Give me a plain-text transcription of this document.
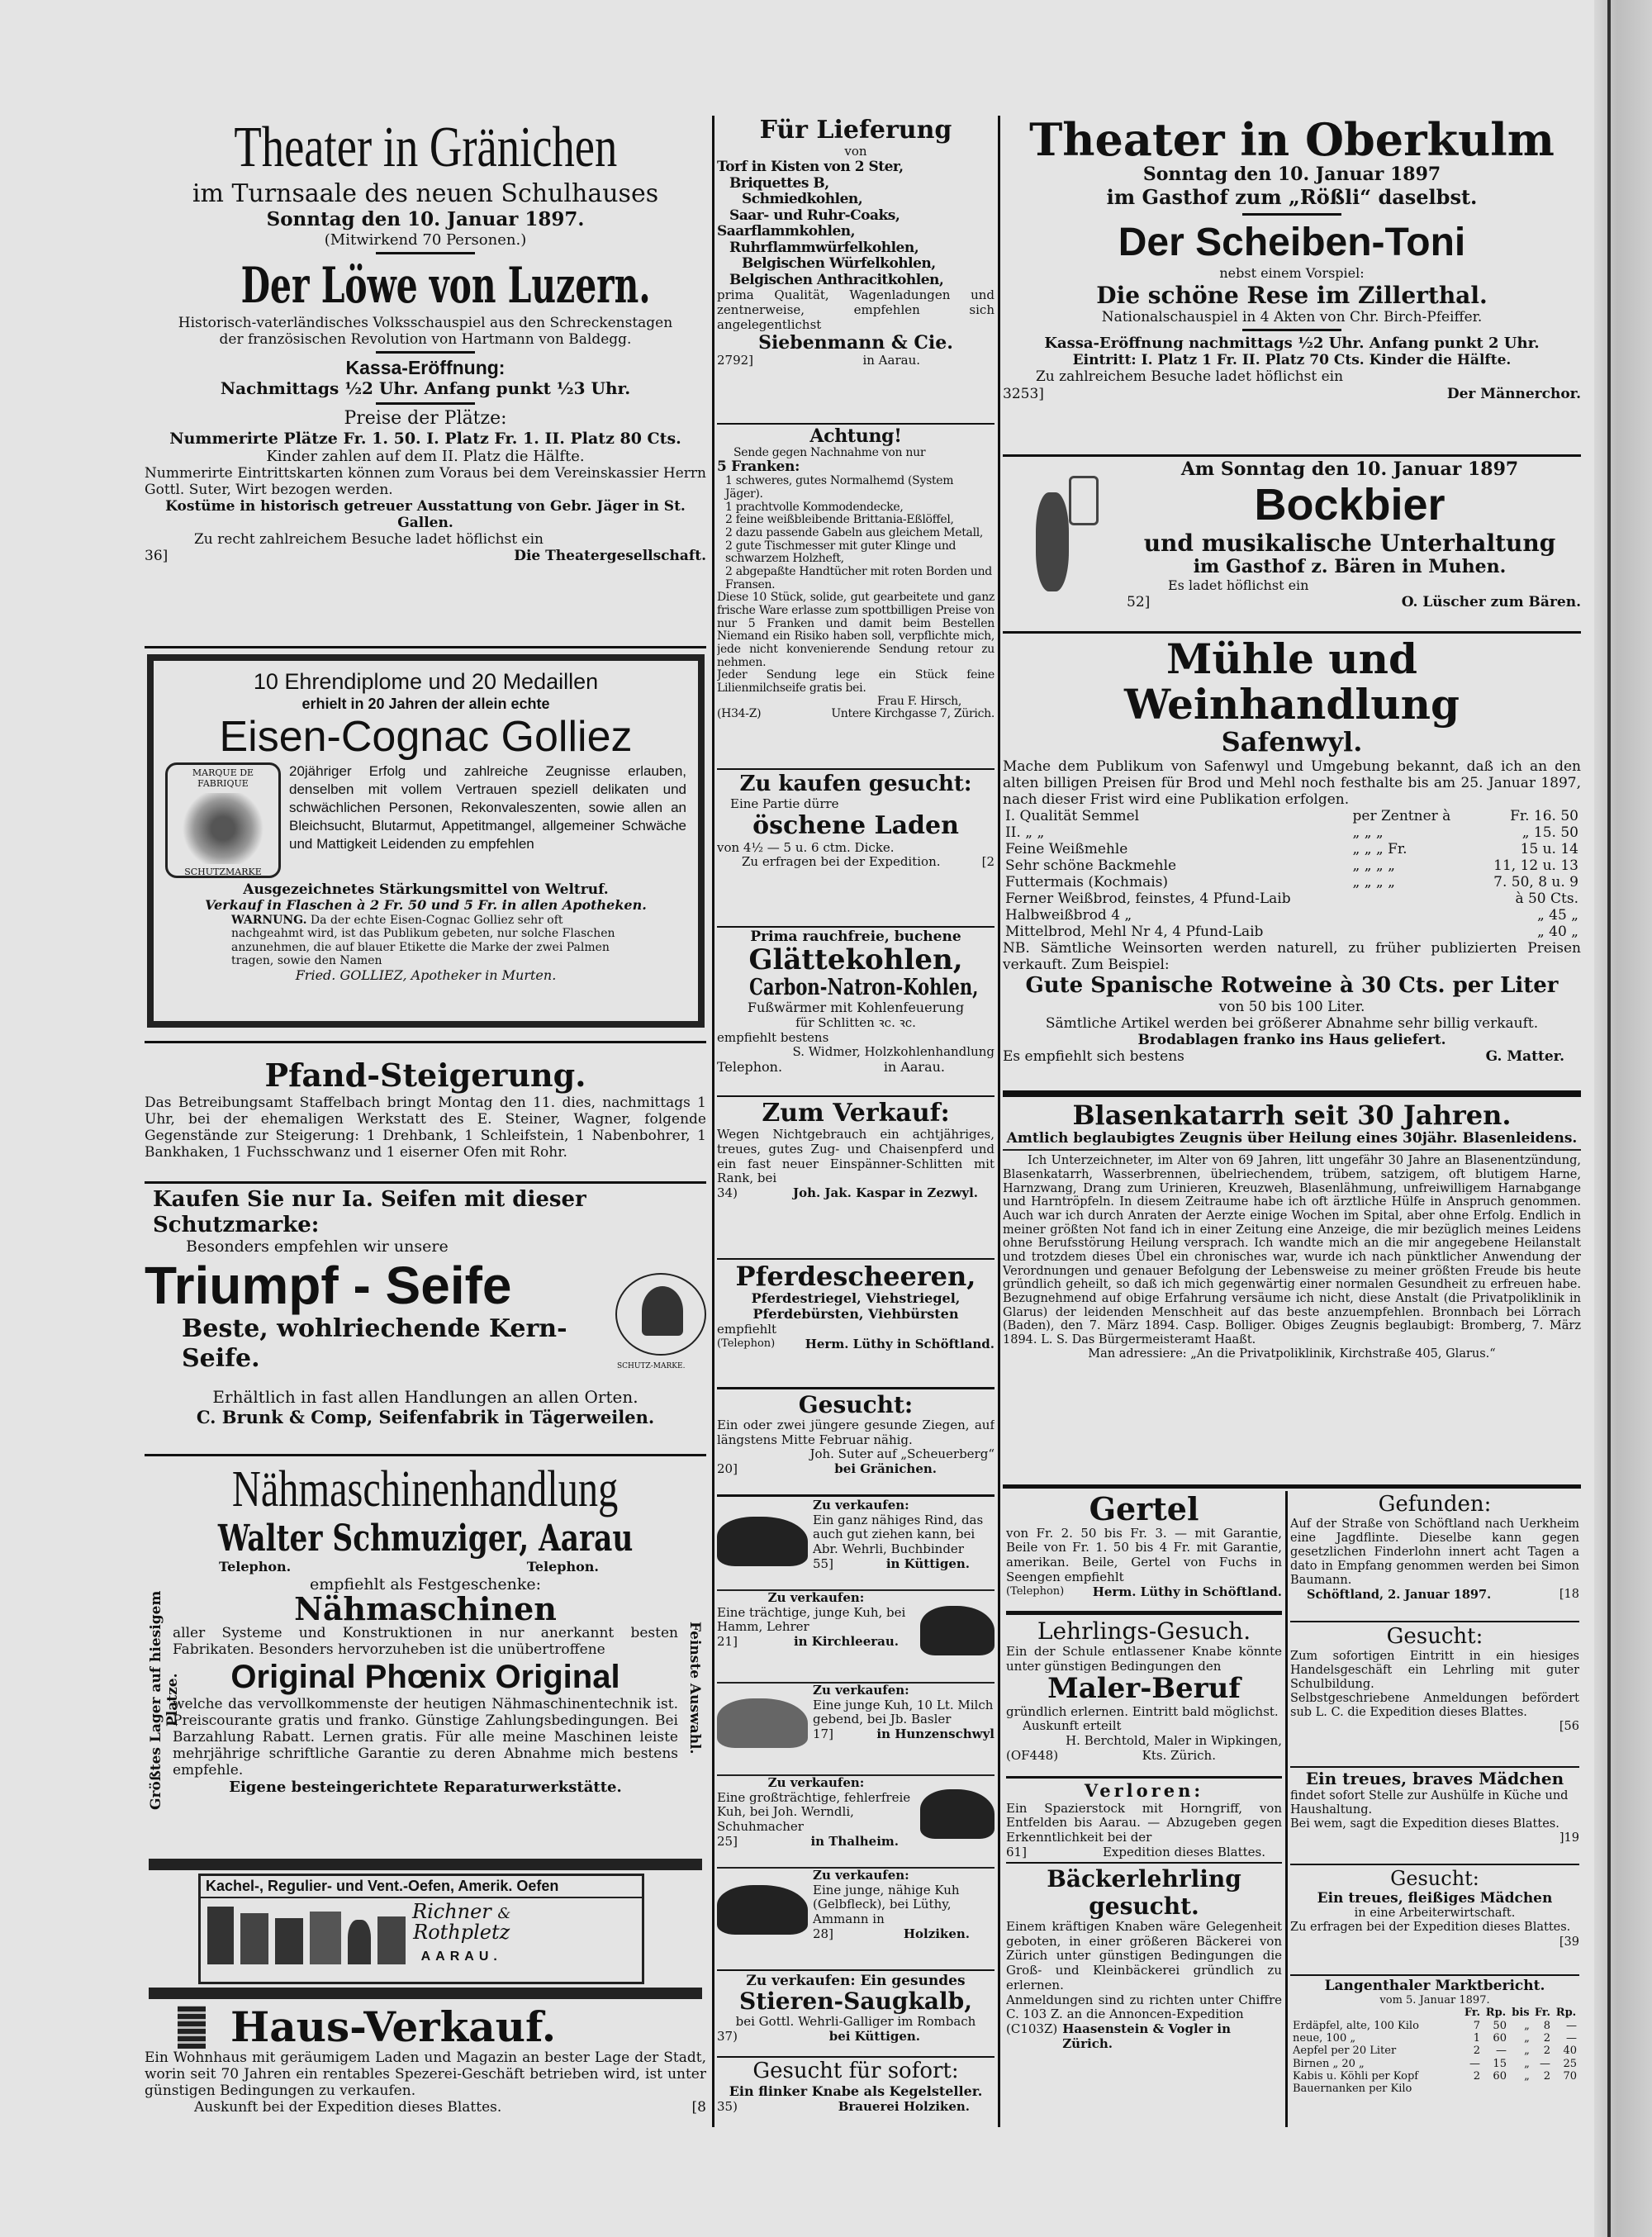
Theater in Gränichen
im Turnsaale des neuen Schulhauses
Sonntag den 10. Januar 1897.
(Mitwirkend 70 Personen.)
Der Löwe von Luzern.
Historisch-vaterländisches Volksschauspiel aus den Schreckenstagen
der französischen Revolution von Hartmann von Baldegg.
Kassa-Eröffnung:
Nachmittags ½2 Uhr. Anfang punkt ½3 Uhr.
Preise der Plätze:
Nummerirte Plätze Fr. 1. 50. I. Platz Fr. 1. II. Platz 80 Cts.
Kinder zahlen auf dem II. Platz die Hälfte.
Nummerirte Eintrittskarten können zum Voraus bei dem Vereinskassier Herrn Gottl. Suter, Wirt bezogen werden.
Kostüme in historisch getreuer Ausstattung von Gebr. Jäger in St. Gallen.
Zu recht zahlreichem Besuche ladet höflichst ein
36]	Die Theatergesellschaft.
10 Ehrendiplome und 20 Medaillen
erhielt in 20 Jahren der allein echte
Eisen-Cognac Golliez
MARQUE DE FABRIQUE
SCHUTZMARKE
20jähriger Erfolg und zahlreiche Zeugnisse erlauben, denselben mit vollem Vertrauen speziell delikaten und schwächlichen Personen, Rekonvaleszenten, sowie allen an Bleichsucht, Blutarmut, Appetitmangel, allgemeiner Schwäche und Mattigkeit Leidenden zu empfehlen
Ausgezeichnetes Stärkungsmittel von Weltruf.
Verkauf in Flaschen à 2 Fr. 50 und 5 Fr. in allen Apotheken.
WARNUNG. Da der echte Eisen-Cognac Golliez sehr oft nachgeahmt wird, ist das Publikum gebeten, nur solche Flaschen anzunehmen, die auf blauer Etikette die Marke der zwei Palmen tragen, sowie den Namen
Fried. GOLLIEZ, Apotheker in Murten.
Pfand-Steigerung.
Das Betreibungsamt Staffelbach bringt Montag den 11. dies, nachmittags 1 Uhr, bei der ehemaligen Werkstatt des E. Steiner, Wagner, folgende Gegenstände zur Steigerung: 1 Drehbank, 1 Schleifstein, 1 Nabenbohrer, 1 Bankhaken, 1 Fuchsschwanz und 1 eiserner Ofen mit Rohr.
Kaufen Sie nur Ia. Seifen mit dieser Schutzmarke:
Besonders empfehlen wir unsere
Triumpf - Seife
Beste, wohlriechende Kern-Seife.	SCHUTZ-MARKE.
Erhältlich in fast allen Handlungen an allen Orten.
C. Brunk & Comp, Seifenfabrik in Tägerweilen.
Nähmaschinenhandlung
Walter Schmuziger, Aarau
Telephon.	Telephon.
Größtes Lager auf hiesigem Platze.	Feinste Auswahl.
empfiehlt als Festgeschenke:
Nähmaschinen
aller Systeme und Konstruktionen in nur anerkannt besten Fabrikaten. Besonders hervorzuheben ist die unübertroffene
Original Phœnix Original
welche das vervollkommenste der heutigen Nähmaschinentechnik ist. Preiscourante gratis und franko. Günstige Zahlungsbedingungen. Bei Barzahlung Rabatt. Lernen gratis. Für alle meine Maschinen leiste mehrjährige schriftliche Garantie zu deren Abnahme mich bestens empfehle.
Eigene besteingerichtete Reparaturwerkstätte.
Kachel-, Regulier- und Vent.-Oefen, Amerik. Oefen
Richner &
Rothpletz
AARAU.
Haus-Verkauf.
Ein Wohnhaus mit geräumigem Laden und Magazin an bester Lage der Stadt, worin seit 70 Jahren ein rentables Spezerei-Geschäft betrieben wird, ist unter günstigen Bedingungen zu verkaufen.
Auskunft bei der Expedition dieses Blattes.	[8
Für Lieferung
von
Torf in Kisten von 2 Ster,
Briquettes B,
Schmiedkohlen,
Saar- und Ruhr-Coaks,
Saarflammkohlen,
Ruhrflammwürfelkohlen,
Belgischen Würfelkohlen,
Belgischen Anthracitkohlen,
prima Qualität, Wagenladungen und zentnerweise, empfehlen sich angelegentlichst
Siebenmann & Cie.
2792]	in Aarau.
Achtung!
Sende gegen Nachnahme von nur
5 Franken:
1 schweres, gutes Normalhemd (System Jäger).
1 prachtvolle Kommodendecke,
2 feine weißbleibende Brittania-Eßlöffel,
2 dazu passende Gabeln aus gleichem Metall,
2 gute Tischmesser mit guter Klinge und schwarzem Holzheft,
2 abgepaßte Handtücher mit roten Borden und Fransen.
Diese 10 Stück, solide, gut gearbeitete und ganz frische Ware erlasse zum spottbilligen Preise von nur 5 Franken und damit beim Bestellen Niemand ein Risiko haben soll, verpflichte mich, jede nicht konvenierende Sendung retour zu nehmen.
Jeder Sendung lege ein Stück feine Lilienmilchseife gratis bei.
Frau F. Hirsch,
(H34-Z)	Untere Kirchgasse 7, Zürich.
Zu kaufen gesucht:
Eine Partie dürre
öschene Laden
von 4½ — 5 u. 6 ctm. Dicke.
Zu erfragen bei der Expedition.	[2
Prima rauchfreie, buchene
Glättekohlen,
Carbon-Natron-Kohlen,
Fußwärmer mit Kohlenfeuerung
für Schlitten ꝛc. ꝛc.
empfiehlt bestens
S. Widmer, Holzkohlenhandlung
Telephon.	in Aarau.
Zum Verkauf:
Wegen Nichtgebrauch ein achtjähriges, treues, gutes Zug- und Chaisenpferd und ein fast neuer Einspänner-Schlitten mit Rank, bei
34)	Joh. Jak. Kaspar in Zezwyl.
Pferdescheeren,
Pferdestriegel, Viehstriegel,
Pferdebürsten, Viehbürsten
empfiehlt
(Telephon) Herm. Lüthy in Schöftland.
Gesucht:
Ein oder zwei jüngere gesunde Ziegen, auf längstens Mitte Februar nähig.
Joh. Suter auf „Scheuerberg“
20]	bei Gränichen.
Zu verkaufen:
Ein ganz nähiges Rind, das auch gut ziehen kann, bei Abr. Wehrli, Buchbinder
55]	in Küttigen.
Zu verkaufen:
Eine trächtige, junge Kuh, bei Hamm, Lehrer
21]	in Kirchleerau.
Zu verkaufen:
Eine junge Kuh, 10 Lt. Milch gebend, bei Jb. Basler
17]	in Hunzenschwyl
Zu verkaufen:
Eine großträchtige, fehlerfreie Kuh, bei Joh. Werndli, Schuhmacher
25]	in Thalheim.
Zu verkaufen:
Eine junge, nähige Kuh (Gelbfleck), bei Lüthy, Ammann in
28]	Holziken.
Zu verkaufen: Ein gesundes
Stieren-Saugkalb,
bei Gottl. Wehrli-Galliger im Rombach
37)	bei Küttigen.
Gesucht für sofort:
Ein flinker Knabe als Kegelsteller.
35)	Brauerei Holziken.
Theater in Oberkulm
Sonntag den 10. Januar 1897
im Gasthof zum „Rößli“ daselbst.
Der Scheiben-Toni
nebst einem Vorspiel:
Die schöne Rese im Zillerthal.
Nationalschauspiel in 4 Akten von Chr. Birch-Pfeiffer.
Kassa-Eröffnung nachmittags ½2 Uhr. Anfang punkt 2 Uhr.
Eintritt: I. Platz 1 Fr. II. Platz 70 Cts. Kinder die Hälfte.
Zu zahlreichem Besuche ladet höflichst ein
3253]	Der Männerchor.
Am Sonntag den 10. Januar 1897
Bockbier
und musikalische Unterhaltung
im Gasthof z. Bären in Muhen.
Es ladet höflichst ein
52]	O. Lüscher zum Bären.
Mühle und Weinhandlung
Safenwyl.
Mache dem Publikum von Safenwyl und Umgebung bekannt, daß ich an den alten billigen Preisen für Brod und Mehl noch festhalte bis am 25. Januar 1897, nach dieser Frist wird eine Publikation erfolgen.
I. Qualität Semmel	per Zentner à	Fr. 16. 50
II. „ „	„ „ „	„ 15. 50
Feine Weißmehle	„ „ „ Fr.	15 u. 14
Sehr schöne Backmehle	„ „ „ „	11, 12 u. 13
Futtermais (Kochmais)	„ „ „ „	7. 50, 8 u. 9
Ferner Weißbrod, feinstes, 4 Pfund-Laib		à 50 Cts.
Halbweißbrod 4 „		„ 45 „
Mittelbrod, Mehl Nr 4, 4 Pfund-Laib		„ 40 „
NB. Sämtliche Weinsorten werden naturell, zu früher publizierten Preisen verkauft. Zum Beispiel:
Gute Spanische Rotweine à 30 Cts. per Liter
von 50 bis 100 Liter.
Sämtliche Artikel werden bei größerer Abnahme sehr billig verkauft.
Brodablagen franko ins Haus geliefert.
Es empfiehlt sich bestens	G. Matter.
Blasenkatarrh seit 30 Jahren.
Amtlich beglaubigtes Zeugnis über Heilung eines 30jähr. Blasenleidens.
Ich Unterzeichneter, im Alter von 69 Jahren, litt ungefähr 30 Jahre an Blasenentzündung, Blasenkatarrh, Wasserbrennen, übelriechendem, trübem, satzigem, oft blutigem Harne, Harnzwang, Drang zum Urinieren, Kreuzweh, Blasenlähmung, unfreiwilligem Harnabgange und Harntröpfeln. In diesem Zeitraume habe ich oft ärztliche Hülfe in Anspruch genommen. Auch war ich durch Anraten der Aerzte einige Wochen im Spital, aber ohne Erfolg. Endlich in meiner größten Not fand ich in einer Zeitung eine Anzeige, die mir bezüglich meines Leidens ohne Berufsstörung Heilung versprach. Ich wandte mich an die mir angegebene Heilanstalt und trotzdem dieses Übel ein chronisches war, wurde ich nach pünktlicher Anwendung der Verordnungen und genauer Befolgung der Lebensweise zu meiner größten Freude bis heute gründlich geheilt, so daß ich mich gegenwärtig einer normalen Gesundheit zu erfreuen habe. Bezugnehmend auf obige Erfahrung versäume ich nicht, diese Anstalt (die Privatpoliklinik in Glarus) der leidenden Menschheit auf das beste anzuempfehlen. Bronnbach bei Lörrach (Baden), den 7. März 1894. Casp. Bolliger. Obiges Zeugnis beglaubigt: Bromberg, 7. März 1894. L. S. Das Bürgermeisteramt Haaßt.
Man adressiere: „An die Privatpoliklinik, Kirchstraße 405, Glarus.“
Gertel
von Fr. 2. 50 bis Fr. 3. — mit Garantie, Beile von Fr. 1. 50 bis 4 Fr. mit Garantie, amerikan. Beile, Gertel von Fuchs in Seengen empfiehlt
(Telephon) Herm. Lüthy in Schöftland.
Lehrlings-Gesuch.
Ein der Schule entlassener Knabe könnte unter günstigen Bedingungen den
Maler-Beruf
gründlich erlernen. Eintritt bald möglichst.
Auskunft erteilt
H. Berchtold, Maler in Wipkingen,
(OF448)	Kts. Zürich.
Verloren:
Ein Spazierstock mit Horngriff, von Entfelden bis Aarau. — Abzugeben gegen Erkenntlichkeit bei der
61]	Expedition dieses Blattes.
Bäckerlehrling gesucht.
Einem kräftigen Knaben wäre Gelegenheit geboten, in einer größeren Bäckerei von Zürich unter günstigen Bedingungen die Groß- und Kleinbäckerei gründlich zu erlernen.
Anmeldungen sind zu richten unter Chiffre C. 103 Z. an die Annoncen-Expedition
(C103Z) Haasenstein & Vogler in Zürich.
Gefunden:
Auf der Straße von Schöftland nach Uerkheim eine Jagdflinte. Dieselbe kann gegen gesetzlichen Finderlohn innert acht Tagen a dato in Empfang genommen werden bei Simon Baumann.
Schöftland, 2. Januar 1897.	[18
Gesucht:
Zum sofortigen Eintritt in ein hiesiges Handelsgeschäft ein Lehrling mit guter Schulbildung.
Selbstgeschriebene Anmeldungen befördert sub L. C. die Expedition dieses Blattes.
[56
Ein treues, braves Mädchen
findet sofort Stelle zur Aushülfe in Küche und Haushaltung.
Bei wem, sagt die Expedition dieses Blattes.
]19
Gesucht:
Ein treues, fleißiges Mädchen
in eine Arbeiterwirtschaft.
Zu erfragen bei der Expedition dieses Blattes.
[39
Langenthaler Marktbericht.
vom 5. Januar 1897.
	Fr.	Rp.	bis	Fr.	Rp.
Erdäpfel, alte, 100 Kilo	7	50	„	8	—
neue, 100 „	1	60	„	2	—
Aepfel per 20 Liter	2	—	„	2	40
Birnen „ 20 „	—	15	„	—	25
Kabis u. Köhli per Kopf	2	60	„	2	70
Bauernanken per Kilo					
